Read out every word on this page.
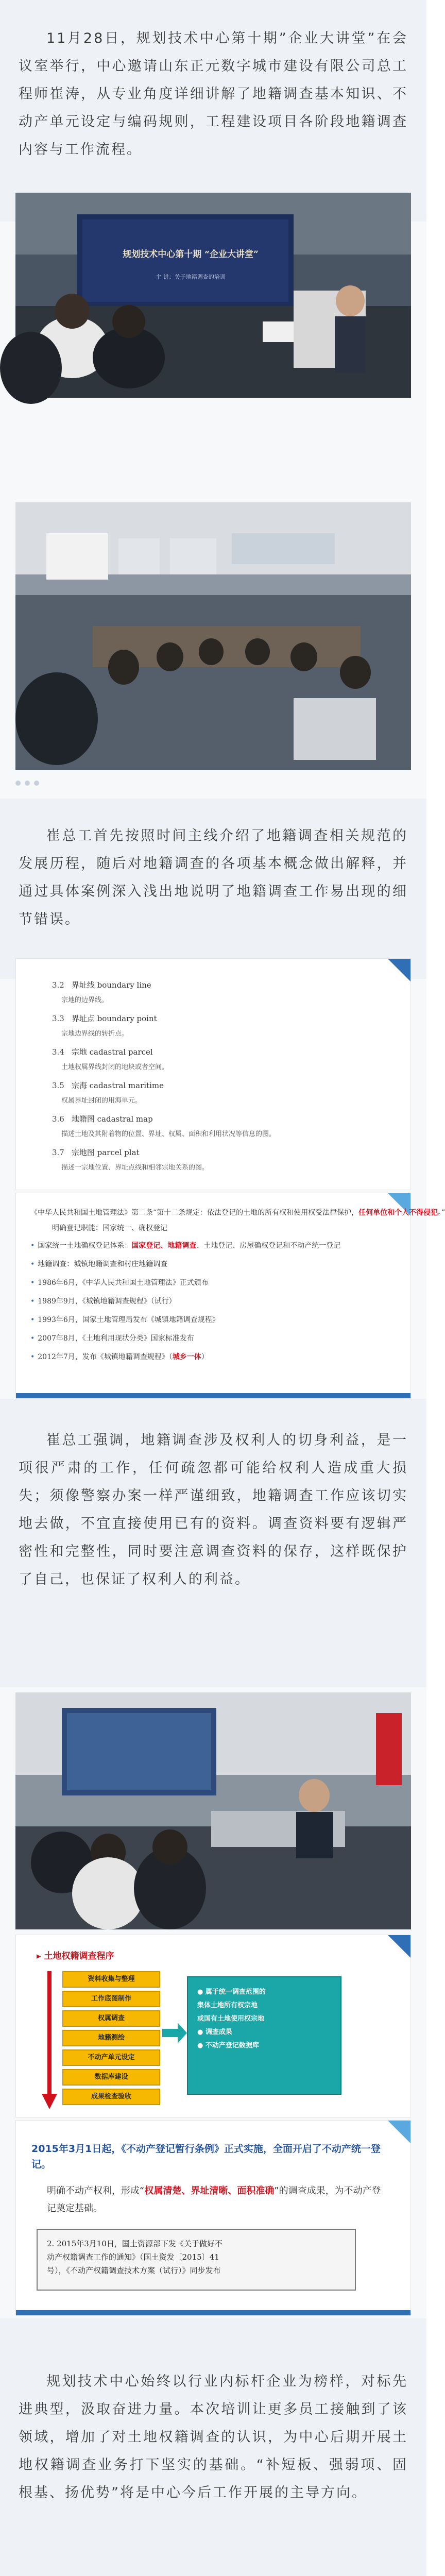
11月28日，规划技术中心第十期”企业大讲堂”在会议室举行，中心邀请山东正元数字城市建设有限公司总工程师崔涛，从专业角度详细讲解了地籍调查基本知识、不动产单元设定与编码规则，工程建设项目各阶段地籍调查内容与工作流程。

规划技术中心第十期 “企业大讲堂”
主 讲：关于地籍调查的培训

崔总工首先按照时间主线介绍了地籍调查相关规范的发展历程，随后对地籍调查的各项基本概念做出解释，并通过具体案例深入浅出地说明了地籍调查工作易出现的细节错误。

3.2 界址线 boundary line
宗地的边界线。
3.3 界址点 boundary point
宗地边界线的转折点。
3.4 宗地 cadastral parcel
土地权属界线封闭的地块或者空间。
3.5 宗海 cadastral maritime
权属界址封闭的用海单元。
3.6 地籍图 cadastral map
描述土地及其附着物的位置、界址、权属、面积和利用状况等信息的图。
3.7 宗地图 parcel plat
描述一宗地位置、界址点线和相邻宗地关系的图。
《中华人民共和国土地管理法》第二条“第十二条规定：依法登记的土地的所有权和使用权受法律保护，任何单位和个人不得侵犯。”
明确登记职能：国家统一、确权登记
• 国家统一土地确权登记体系：国家登记、地籍调查、土地登记、房屋确权登记和不动产统一登记
• 地籍调查：城镇地籍调查和村庄地籍调查
• 1986年6月，《中华人民共和国土地管理法》正式颁布
• 1989年9月，《城镇地籍调查规程》（试行）
• 1993年6月，国家土地管理局发布《城镇地籍调查规程》
• 2007年8月，《土地利用现状分类》国家标准发布
• 2012年7月，发布《城镇地籍调查规程》（城乡一体）

崔总工强调，地籍调查涉及权利人的切身利益，是一项很严肃的工作，任何疏忽都可能给权利人造成重大损失；须像警察办案一样严谨细致，地籍调查工作应该切实地去做，不宜直接使用已有的资料。调查资料要有逻辑严密性和完整性，同时要注意调查资料的保存，这样既保护了自己，也保证了权利人的利益。

▸ 土地权籍调查程序
资料收集与整理
工作底图制作
权属调查
地籍测绘
不动产单元设定
数据库建设
成果检查验收
● 属于统一调查范围的
集体土地所有权宗地
或国有土地使用权宗地
● 调查成果
● 不动产登记数据库
2015年3月1日起，《不动产登记暂行条例》正式实施，全面开启了不动产统一登记。
明确不动产权利，形成“权属清楚、界址清晰、面积准确”的调查成果，为不动产登记奠定基础。
2. 2015年3月10日，国土资源部下发《关于做好不
动产权籍调查工作的通知》（国土资发〔2015〕41
号），《不动产权籍调查技术方案（试行）》同步发布

规划技术中心始终以行业内标杆企业为榜样，对标先进典型，汲取奋进力量。本次培训让更多员工接触到了该领域，增加了对土地权籍调查的认识，为中心后期开展土地权籍调查业务打下坚实的基础。“补短板、强弱项、固根基、扬优势”将是中心今后工作开展的主导方向。
